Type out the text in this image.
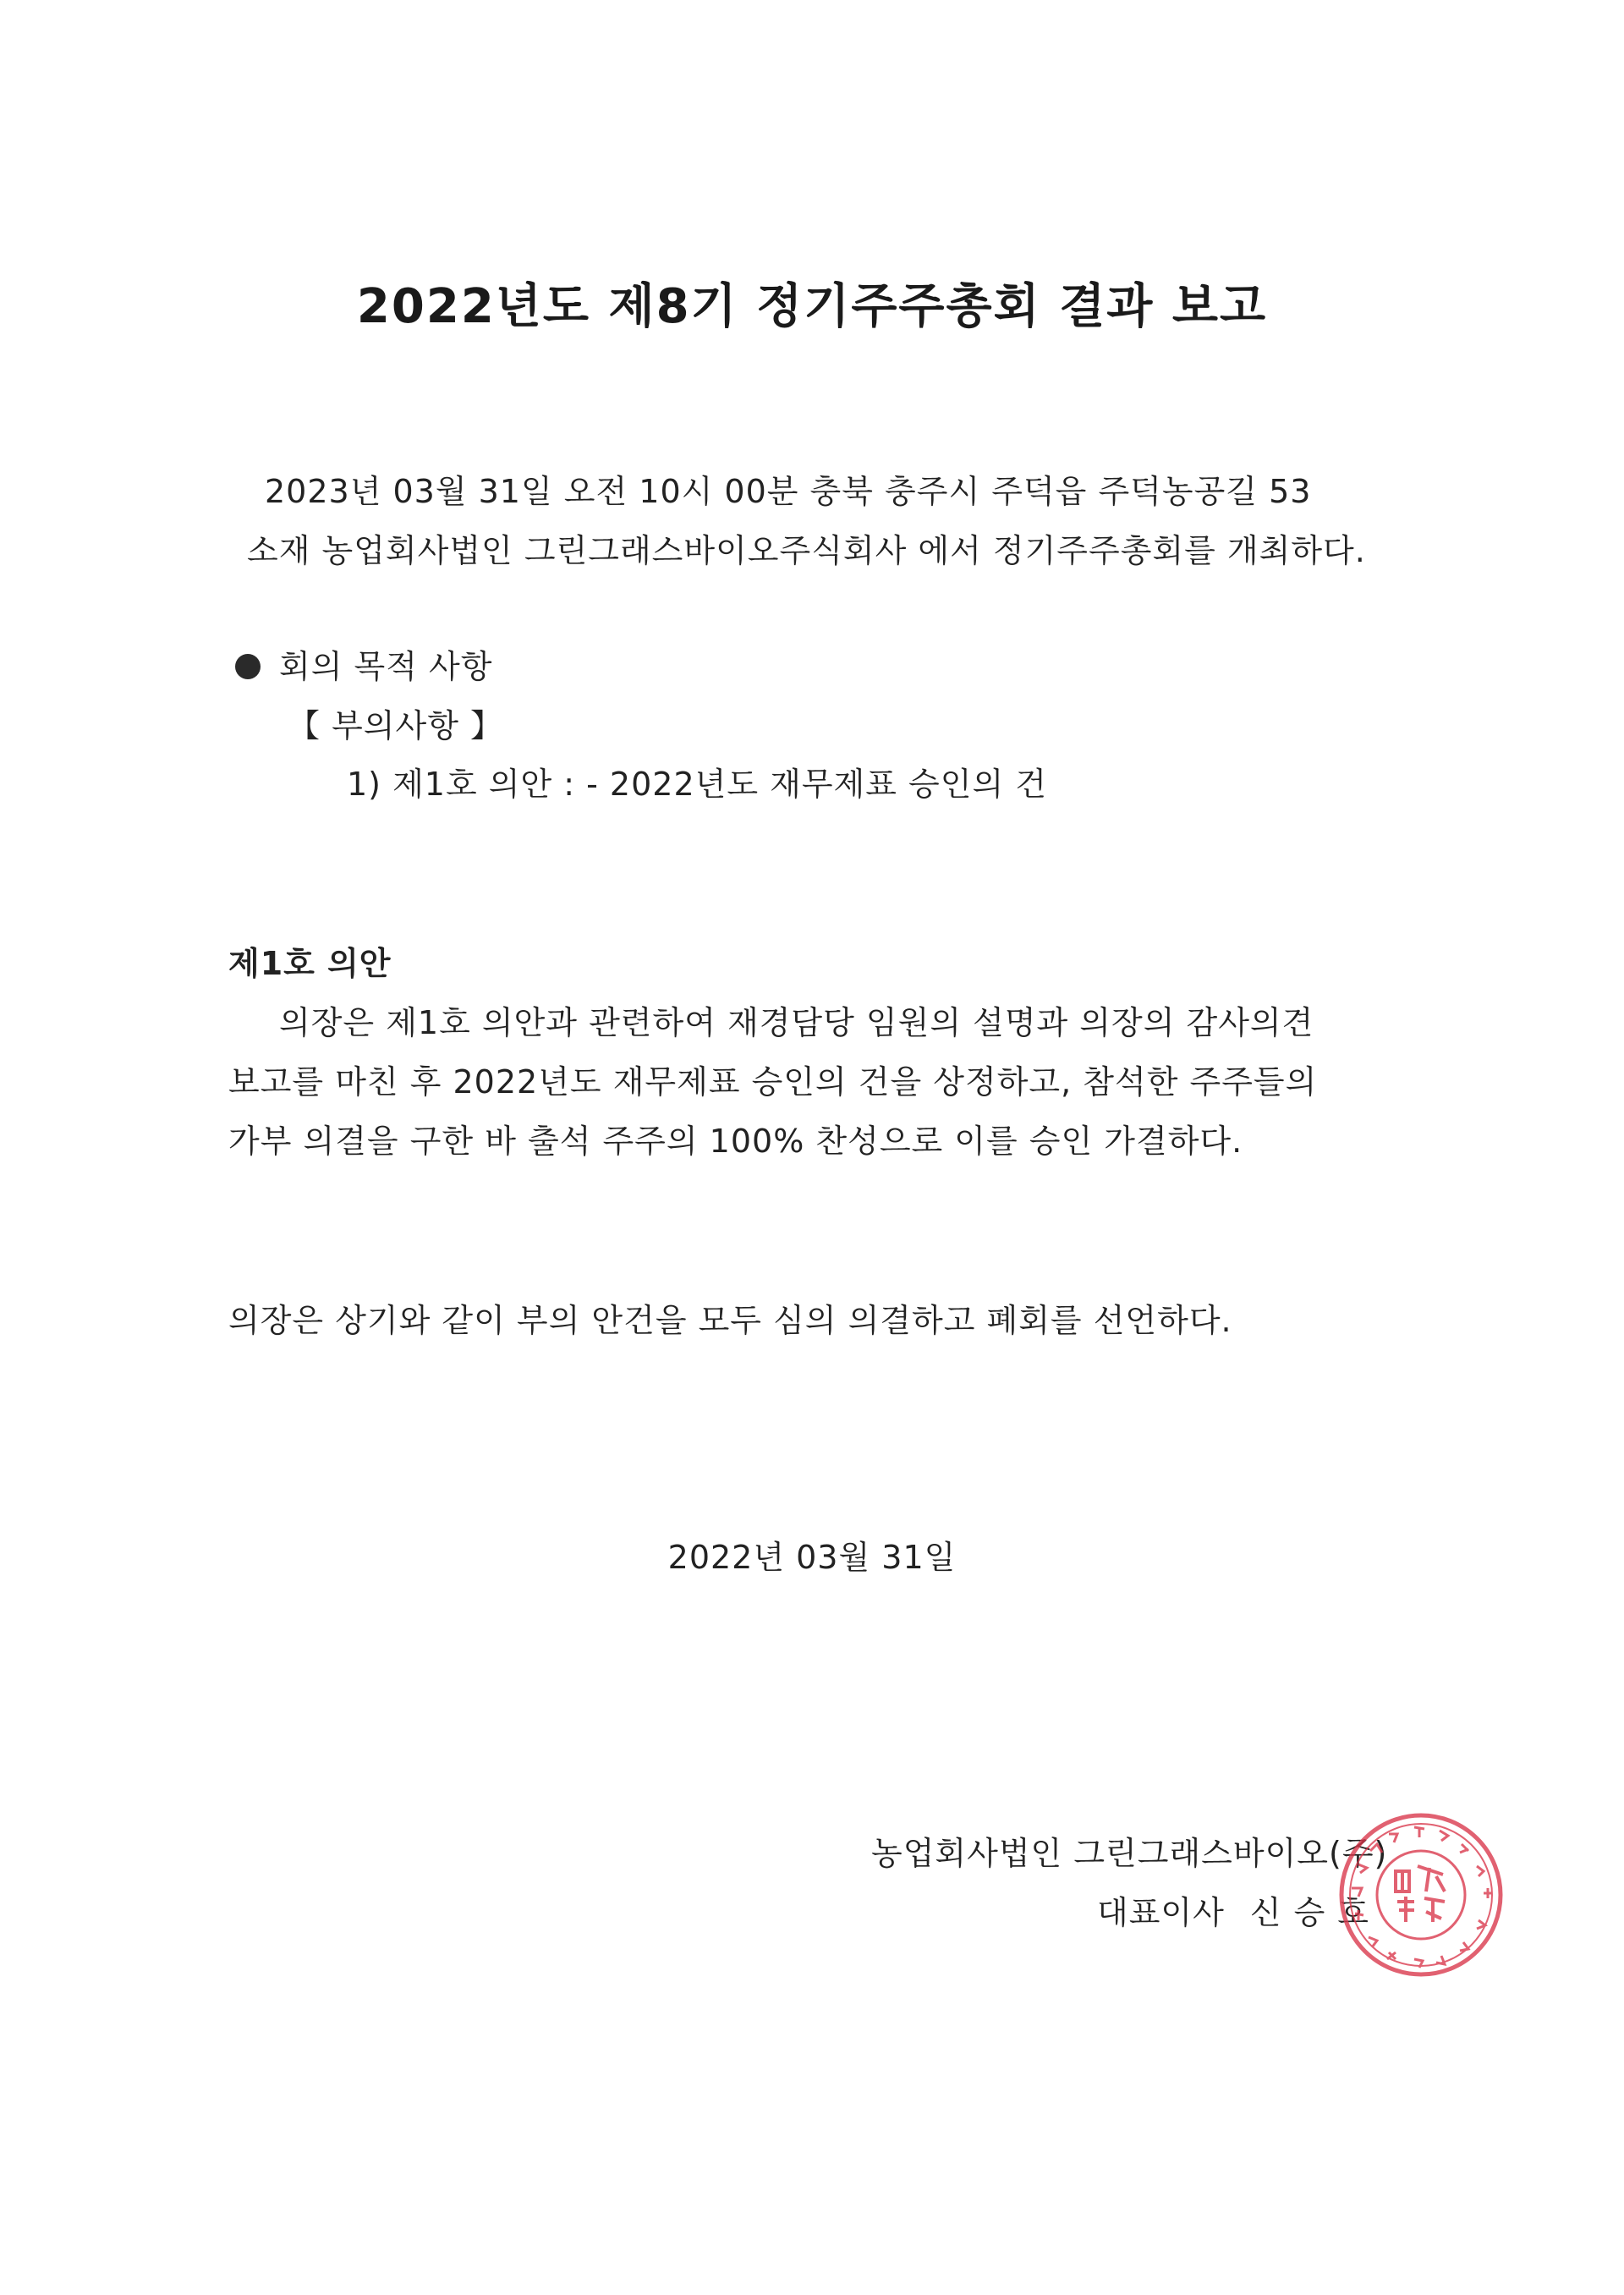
2022년도 제8기 정기주주총회 결과 보고
2023년 03월 31일 오전 10시 00분 충북 충주시 주덕읍 주덕농공길 53
소재 농업회사법인 그린그래스바이오주식회사 에서 정기주주총회를 개최하다.
회의 목적 사항
【 부의사항 】
1) 제1호 의안 : - 2022년도 재무제표 승인의 건
제1호 의안
의장은 제1호 의안과 관련하여 재경담당 임원의 설명과 의장의 감사의견
보고를 마친 후 2022년도 재무제표 승인의 건을 상정하고, 참석한 주주들의
가부 의결을 구한 바 출석 주주의 100% 찬성으로 이를 승인 가결하다.
의장은 상기와 같이 부의 안건을 모두 심의 의결하고 폐회를 선언하다.
2022년 03월 31일
농업회사법인 그린그래스바이오(주)
대표이사 신 승 호
